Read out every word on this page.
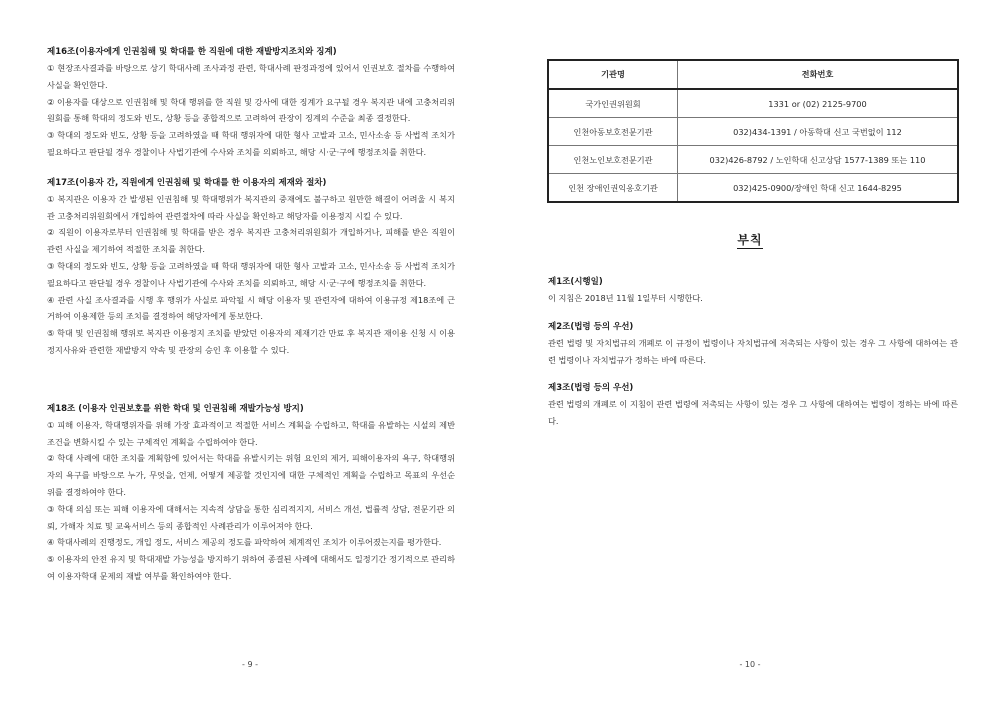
제16조(이용자에게 인권침해 및 학대를 한 직원에 대한 재발방지조치와 징계)

① 현장조사결과를 바탕으로 상기 학대사례 조사과정 관련, 학대사례 판정과정에 있어서 인권보호 절차를 수행하여 사실을 확인한다.

② 이용자를 대상으로 인권침해 및 학대 행위를 한 직원 및 강사에 대한 징계가 요구될 경우 복지관 내에 고충처리위원회를 통해 학대의 정도와 빈도, 상황 등을 종합적으로 고려하여 관장이 징계의 수준을 최종 결정한다.

③ 학대의 정도와 빈도, 상황 등을 고려하였을 때 학대 행위자에 대한 형사 고발과 고소, 민사소송 등 사법적 조치가 필요하다고 판단될 경우 경찰이나 사법기관에 수사와 조치를 의뢰하고, 해당 시·군·구에 행정조치를 취한다.

제17조(이용자 간, 직원에게 인권침해 및 학대를 한 이용자의 제재와 절차)

① 복지관은 이용자 간 발생된 인권침해 및 학대행위가 복지관의 중재에도 불구하고 원만한 해결이 어려울 시 복지관 고충처리위원회에서 개입하여 관련절차에 따라 사실을 확인하고 해당자를 이용정지 시킬 수 있다.

② 직원이 이용자로부터 인권침해 및 학대를 받은 경우 복지관 고충처리위원회가 개입하거나, 피해를 받은 직원이 관련 사실을 제기하여 적절한 조치를 취한다.

③ 학대의 정도와 빈도, 상황 등을 고려하였을 때 학대 행위자에 대한 형사 고발과 고소, 민사소송 등 사법적 조치가 필요하다고 판단될 경우 경찰이나 사법기관에 수사와 조치를 의뢰하고, 해당 시·군·구에 행정조치를 취한다.

④ 관련 사실 조사결과를 시행 후 행위가 사실로 파악될 시 해당 이용자 및 관련자에 대하여 이용규정 제18조에 근거하여 이용제한 등의 조치를 결정하여 해당자에게 통보한다.

⑤ 학대 및 인권침해 행위로 복지관 이용정지 조치를 받았던 이용자의 제재기간 만료 후 복지관 재이용 신청 시 이용정지사유와 관련한 재발방지 약속 및 관장의 승인 후 이용할 수 있다.

제18조 (이용자 인권보호를 위한 학대 및 인권침해 재발가능성 방지)

① 피해 이용자, 학대행위자를 위해 가장 효과적이고 적절한 서비스 계획을 수립하고, 학대를 유발하는 시설의 제반 조건을 변화시킬 수 있는 구체적인 계획을 수립하여야 한다.

② 학대 사례에 대한 조치를 계획함에 있어서는 학대를 유발시키는 위험 요인의 제거, 피해이용자의 욕구, 학대행위자의 욕구를 바탕으로 누가, 무엇을, 언제, 어떻게 제공할 것인지에 대한 구체적인 계획을 수립하고 목표의 우선순위를 결정하여야 한다.

③ 학대 의심 또는 피해 이용자에 대해서는 지속적 상담을 통한 심리적지지, 서비스 개선, 법률적 상담, 전문기관 의뢰, 가해자 치료 및 교육서비스 등의 종합적인 사례관리가 이루어져야 한다.

④ 학대사례의 진행정도, 개입 정도, 서비스 제공의 정도를 파악하여 체계적인 조치가 이루어졌는지를 평가한다.

⑤ 이용자의 안전 유지 및 학대재발 가능성을 방지하기 위하여 종결된 사례에 대해서도 일정기간 정기적으로 관리하여 이용자학대 문제의 재발 여부를 확인하여야 한다.

- 9 -
기관명	전화번호
국가인권위원회	1331 or (02) 2125-9700
인천아동보호전문기관	032)434-1391 / 아동학대 신고 국번없이 112
인천노인보호전문기관	032)426-8792 / 노인학대 신고상담 1577-1389 또는 110
인천 장애인권익옹호기관	032)425-0900/장애인 학대 신고 1644-8295
부칙

제1조(시행일)

이 지침은 2018년 11월 1일부터 시행한다.

제2조(법령 등의 우선)

관련 법령 및 자치법규의 개폐로 이 규정이 법령이나 자치법규에 저촉되는 사항이 있는 경우 그 사항에 대하여는 관련 법령이나 자치법규가 정하는 바에 따른다.

제3조(법령 등의 우선)

관련 법령의 개폐로 이 지침이 관련 법령에 저촉되는 사항이 있는 경우 그 사항에 대하여는 법령이 정하는 바에 따른다.

- 10 -
